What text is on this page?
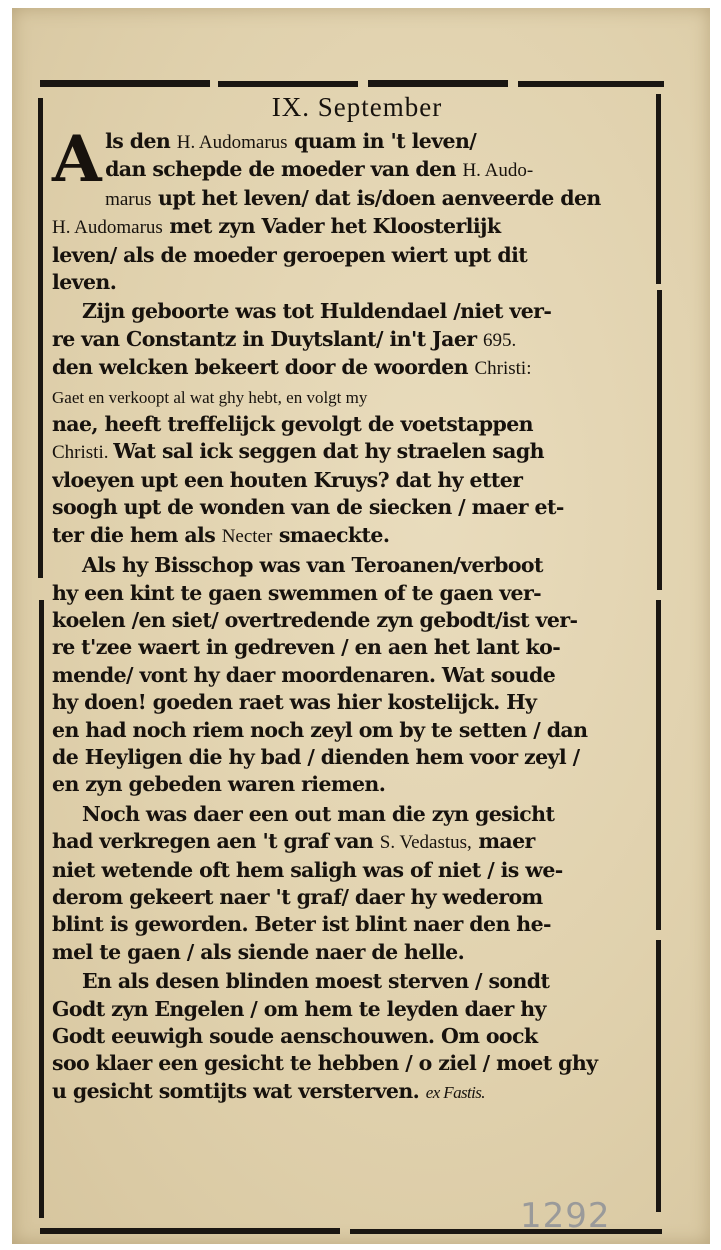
IX. September
A ls den H. Audomarus quam in 't leven/
dan schepde de moeder van den H. Audo-
marus upt het leven/ dat is/doen aenveerde den
H. Audomarus met zyn Vader het Kloosterlijk
leven/ als de moeder geroepen wiert upt dit
leven.
Zijn geboorte was tot Huldendael /niet ver-
re van Constantz in Duytslant/ in't Jaer 695.
den welcken bekeert door de woorden Christi:
Gaet en verkoopt al wat ghy hebt, en volgt my
nae, heeft treffelijck gevolgt de voetstappen
Christi. Wat sal ick seggen dat hy straelen sagh
vloeyen upt een houten Kruys? dat hy etter
soogh upt de wonden van de siecken / maer et-
ter die hem als Necter smaeckte.
Als hy Bisschop was van Teroanen/verboot
hy een kint te gaen swemmen of te gaen ver-
koelen /en siet/ overtredende zyn gebodt/ist ver-
re t'zee waert in gedreven / en aen het lant ko-
mende/ vont hy daer moordenaren. Wat soude
hy doen! goeden raet was hier kostelijck. Hy
en had noch riem noch zeyl om by te setten / dan
de Heyligen die hy bad / dienden hem voor zeyl /
en zyn gebeden waren riemen.
Noch was daer een out man die zyn gesicht
had verkregen aen 't graf van S. Vedastus, maer
niet wetende oft hem saligh was of niet / is we-
derom gekeert naer 't graf/ daer hy wederom
blint is geworden. Beter ist blint naer den he-
mel te gaen / als siende naer de helle.
En als desen blinden moest sterven / sondt
Godt zyn Engelen / om hem te leyden daer hy
Godt eeuwigh soude aenschouwen. Om oock
soo klaer een gesicht te hebben / o ziel / moet ghy
u gesicht somtijts wat versterven. ex Fastis.
1292
